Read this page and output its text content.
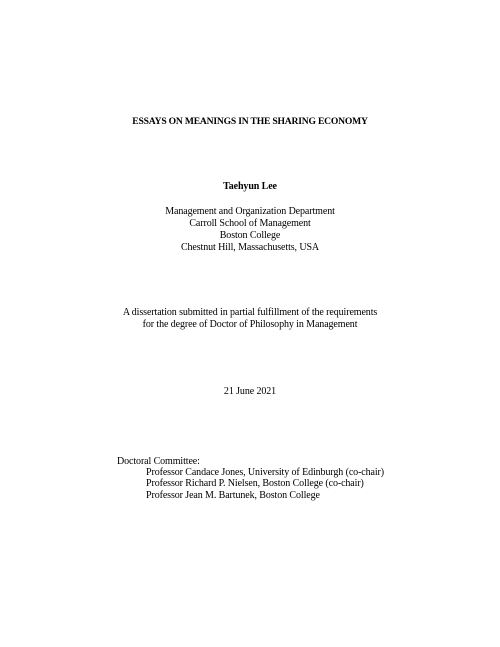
ESSAYS ON MEANINGS IN THE SHARING ECONOMY
Taehyun Lee
Management and Organization Department
Carroll School of Management
Boston College
Chestnut Hill, Massachusetts, USA
A dissertation submitted in partial fulfillment of the requirements
for the degree of Doctor of Philosophy in Management
21 June 2021
Doctoral Committee:
Professor Candace Jones, University of Edinburgh (co-chair)
Professor Richard P. Nielsen, Boston College (co-chair)
Professor Jean M. Bartunek, Boston College
